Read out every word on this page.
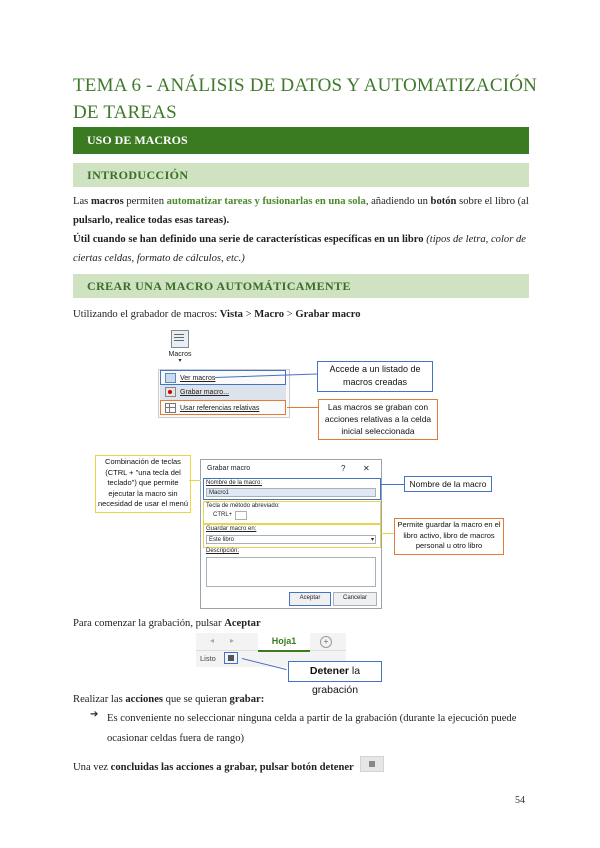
TEMA 6 - ANÁLISIS DE DATOS Y AUTOMATIZACIÓN DE TAREAS
USO DE MACROS
INTRODUCCIÓN
Las macros permiten automatizar tareas y fusionarlas en una sola, añadiendo un botón sobre el libro (al pulsarlo, realice todas esas tareas).
Útil cuando se han definido una serie de características específicas en un libro (tipos de letra, color de ciertas celdas, formato de cálculos, etc.)
CREAR UNA MACRO AUTOMÁTICAMENTE
Utilizando el grabador de macros: Vista > Macro > Grabar macro
Macros
▾
Ver macros
Grabar macro...
Usar referencias relativas
Accede a un listado de macros creadas
Las macros se graban con acciones relativas a la celda inicial seleccionada
Combinación de teclas (CTRL + "una tecla del teclado") que permite ejecutar la macro sin necesidad de usar el menú
Grabar macro	? ✕
Nombre de la macro:
Macro1
Tecla de método abreviado:
CTRL+
Guardar macro en:
Este libro	▾
Descripción:
Aceptar	Cancelar
Nombre de la macro
Permite guardar la macro en el libro activo, libro de macros personal u otro libro
Para comenzar la grabación, pulsar Aceptar
◂ ▸	Hoja1	+
Listo
Detener la grabación
Realizar las acciones que se quieran grabar:
➔ Es conveniente no seleccionar ninguna celda a partir de la grabación (durante la ejecución puede ocasionar celdas fuera de rango)
Una vez concluidas las acciones a grabar, pulsar botón detener
54
